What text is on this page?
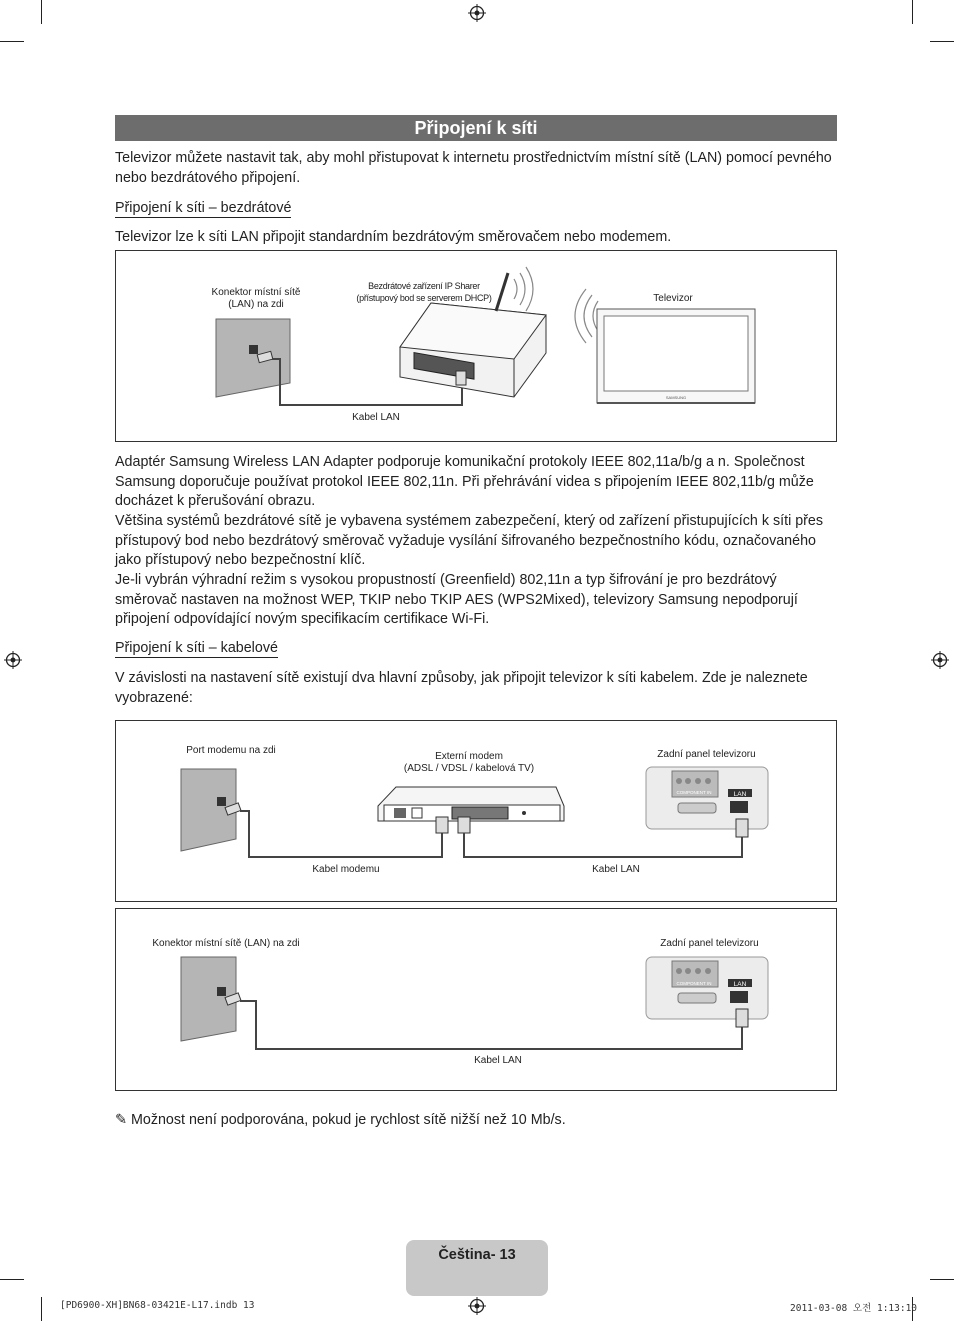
Připojení k síti

Televizor můžete nastavit tak, aby mohl přistupovat k internetu prostřednictvím místní sítě (LAN) pomocí pevného nebo bezdrátového připojení.

Připojení k síti – bezdrátové

Televizor lze k síti LAN připojit standardním bezdrátovým směrovačem nebo modemem.

Konektor místní sítě
(LAN) na zdi
Bezdrátové zařízení IP Sharer
(přístupový bod se serverem DHCP)	Televizor
Kabel LAN
SAMSUNG

Adaptér Samsung Wireless LAN Adapter podporuje komunikační protokoly IEEE 802,11a/b/g a n. Společnost Samsung doporučuje používat protokol IEEE 802,11n. Při přehrávání videa s připojením IEEE 802,11b/g může docházet k přerušování obrazu.

Většina systémů bezdrátové sítě je vybavena systémem zabezpečení, který od zařízení přistupujících k síti přes přístupový bod nebo bezdrátový směrovač vyžaduje vysílání šifrovaného bezpečnostního kódu, označovaného jako přístupový nebo bezpečnostní klíč.

Je-li vybrán výhradní režim s vysokou propustností (Greenfield) 802,11n a typ šifrování je pro bezdrátový směrovač nastaven na možnost WEP, TKIP nebo TKIP AES (WPS2Mixed), televizory Samsung nepodporují připojení odpovídající novým specifikacím certifikace Wi-Fi.

Připojení k síti – kabelové

V závislosti na nastavení sítě existují dva hlavní způsoby, jak připojit televizor k síti kabelem. Zde je naleznete vyobrazené:

Port modemu na zdi
Externí modem
(ADSL / VDSL / kabelová TV)
Zadní panel televizoru
Kabel modemu	Kabel LAN
COMPONENT IN	LAN
Konektor místní sítě (LAN) na zdi	Zadní panel televizoru
Kabel LAN
COMPONENT IN	LAN
✎ Možnost není podporována, pokud je rychlost sítě nižší než 10 Mb/s.
Čeština- 13
[PD6900-XH]BN68-03421E-L17.indb 13	2011-03-08 오전 1:13:10
